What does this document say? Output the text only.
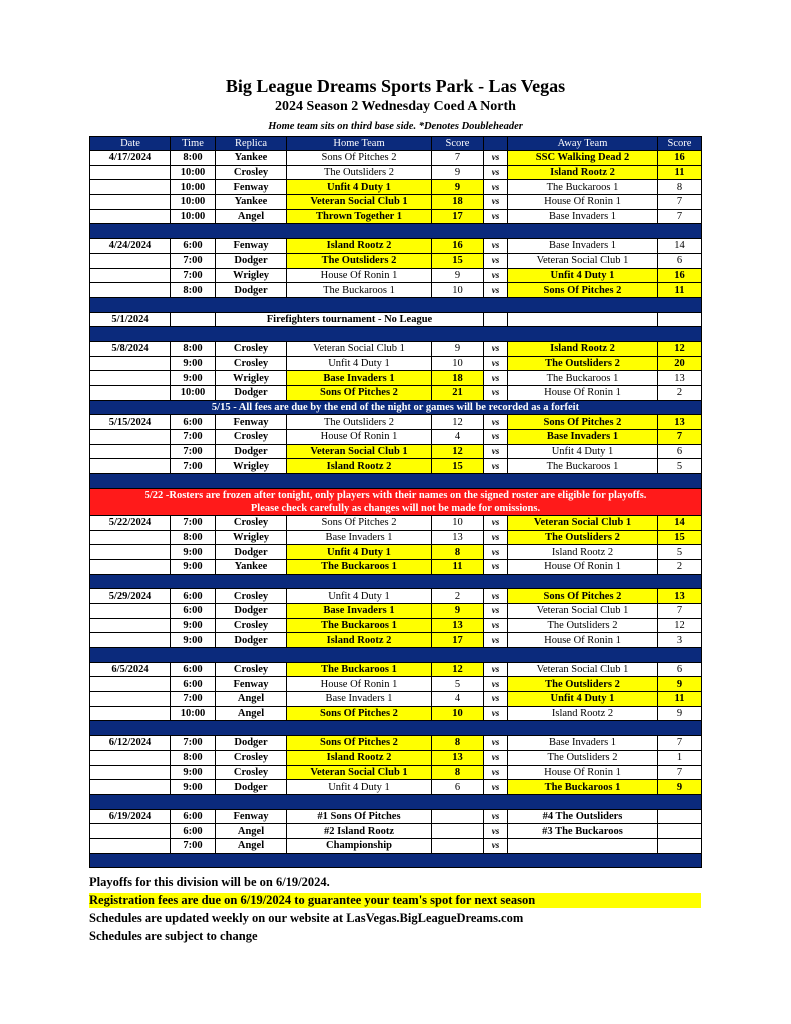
Big League Dreams Sports Park - Las Vegas
2024 Season 2 Wednesday Coed A North
Home team sits on third base side. *Denotes Doubleheader
Date	Time	Replica	Home Team	Score		Away Team	Score
4/17/2024	8:00	Yankee	Sons Of Pitches 2	7	vs	SSC Walking Dead 2	16
	10:00	Crosley	The Outsliders 2	9	vs	Island Rootz 2	11
	10:00	Fenway	Unfit 4 Duty 1	9	vs	The Buckaroos 1	8
	10:00	Yankee	Veteran Social Club 1	18	vs	House Of Ronin 1	7
	10:00	Angel	Thrown Together 1	17	vs	Base Invaders 1	7

4/24/2024	6:00	Fenway	Island Rootz 2	16	vs	Base Invaders 1	14
	7:00	Dodger	The Outsliders 2	15	vs	Veteran Social Club 1	6
	7:00	Wrigley	House Of Ronin 1	9	vs	Unfit 4 Duty 1	16
	8:00	Dodger	The Buckaroos 1	10	vs	Sons Of Pitches 2	11

5/1/2024		Firefighters tournament - No League					

5/8/2024	8:00	Crosley	Veteran Social Club 1	9	vs	Island Rootz 2	12
	9:00	Crosley	Unfit 4 Duty 1	10	vs	The Outsliders 2	20
	9:00	Wrigley	Base Invaders 1	18	vs	The Buckaroos 1	13
	10:00	Dodger	Sons Of Pitches 2	21	vs	House Of Ronin 1	2
5/15 - All fees are due by the end of the night or games will be recorded as a forfeit							
5/15/2024	6:00	Fenway	The Outsliders 2	12	vs	Sons Of Pitches 2	13
	7:00	Crosley	House Of Ronin 1	4	vs	Base Invaders 1	7
	7:00	Dodger	Veteran Social Club 1	12	vs	Unfit 4 Duty 1	6
	7:00	Wrigley	Island Rootz 2	15	vs	The Buckaroos 1	5

5/22 -Rosters are frozen after tonight, only players with their names on the signed roster are eligible for playoffs.
Please check carefully as changes will not be made for omissions.							

5/22/2024	7:00	Crosley	Sons Of Pitches 2	10	vs	Veteran Social Club 1	14
	8:00	Wrigley	Base Invaders 1	13	vs	The Outsliders 2	15
	9:00	Dodger	Unfit 4 Duty 1	8	vs	Island Rootz 2	5
	9:00	Yankee	The Buckaroos 1	11	vs	House Of Ronin 1	2

5/29/2024	6:00	Crosley	Unfit 4 Duty 1	2	vs	Sons Of Pitches 2	13
	6:00	Dodger	Base Invaders 1	9	vs	Veteran Social Club 1	7
	9:00	Crosley	The Buckaroos 1	13	vs	The Outsliders 2	12
	9:00	Dodger	Island Rootz 2	17	vs	House Of Ronin 1	3

6/5/2024	6:00	Crosley	The Buckaroos 1	12	vs	Veteran Social Club 1	6
	6:00	Fenway	House Of Ronin 1	5	vs	The Outsliders 2	9
	7:00	Angel	Base Invaders 1	4	vs	Unfit 4 Duty 1	11
	10:00	Angel	Sons Of Pitches 2	10	vs	Island Rootz 2	9

6/12/2024	7:00	Dodger	Sons Of Pitches 2	8	vs	Base Invaders 1	7
	8:00	Crosley	Island Rootz 2	13	vs	The Outsliders 2	1
	9:00	Crosley	Veteran Social Club 1	8	vs	House Of Ronin 1	7
	9:00	Dodger	Unfit 4 Duty 1	6	vs	The Buckaroos 1	9

6/19/2024	6:00	Fenway	#1 Sons Of Pitches		vs	#4 The Outsliders	
	6:00	Angel	#2 Island Rootz		vs	#3 The Buckaroos	
	7:00	Angel	Championship		vs		

Playoffs for this division will be on 6/19/2024.
Registration fees are due on 6/19/2024 to guarantee your team's spot for next season
Schedules are updated weekly on our website at LasVegas.BigLeagueDreams.com
Schedules are subject to change
